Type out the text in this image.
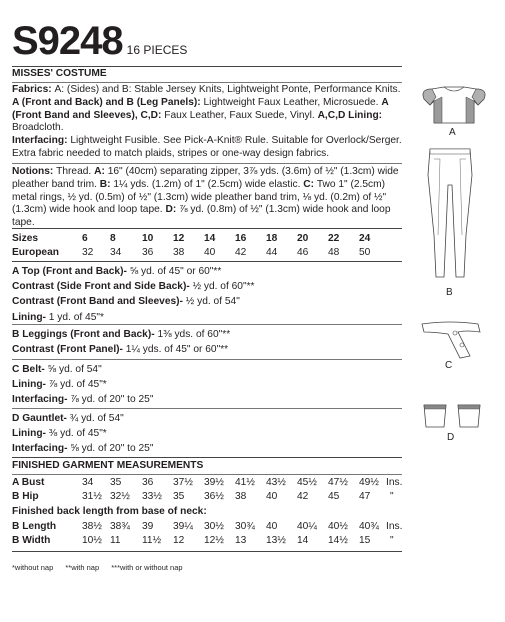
S9248 16 PIECES
MISSES' COSTUME
Fabrics: A: (Sides) and B: Stable Jersey Knits, Lightweight Ponte, Performance Knits.
A (Front and Back) and B (Leg Panels): Lightweight Faux Leather, Microsuede. A (Front Band and Sleeves), C,D: Faux Leather, Faux Suede, Vinyl. A,C,D Lining: Broadcloth.
Interfacing: Lightweight Fusible. See Pick-A-Knit® Rule. Suitable for Overlock/Serger.
Extra fabric needed to match plaids, stripes or one-way design fabrics.
Notions: Thread. A: 16" (40cm) separating zipper, 3⅞ yds. (3.6m) of ½" (1.3cm) wide pleather band trim. B: 1¼ yds. (1.2m) of 1" (2.5cm) wide elastic. C: Two 1" (2.5cm) metal rings, ½ yd. (0.5m) of ½" (1.3cm) wide pleather band trim, ⅛ yd. (0.2m) of ½" (1.3cm) wide hook and loop tape. D: ⅞ yd. (0.8m) of ½" (1.3cm) wide hook and loop tape.
Sizes	6 8	10 12 14 16 18 20 22 24
European 32 34 36 38 40 42 44 46 48 50
A Top (Front and Back)- ⅝ yd. of 45" or 60"**
Contrast (Side Front and Side Back)- ½ yd. of 60"**
Contrast (Front Band and Sleeves)- ½ yd. of 54"
Lining- 1 yd. of 45"*
B Leggings (Front and Back)- 1⅜ yds. of 60"**
Contrast (Front Panel)- 1¼ yds. of 45" or 60"**
C Belt- ⅝ yd. of 54"
Lining- ⅞ yd. of 45"*
Interfacing- ⅞ yd. of 20" to 25"
D Gauntlet- ¾ yd. of 54"
Lining- ⅜ yd. of 45"*
Interfacing- ⅝ yd. of 20" to 25"
FINISHED GARMENT MEASUREMENTS
A Bust	34 35 36 37½ 39½ 41½ 43½ 45½ 47½ 49½ Ins.
B Hip	31½ 32½ 33½ 35 36½ 38 40 42 45 47 "
Finished back length from base of neck:
B Length	38½ 38¾ 39 39¼ 30½ 30¾ 40 40¼ 40½ 40¾ Ins.
B Width	10½ 11 11½ 12 12½ 13 13½ 14 14½ 15 "
*without nap **with nap ***with or without nap
A
B
C
D
